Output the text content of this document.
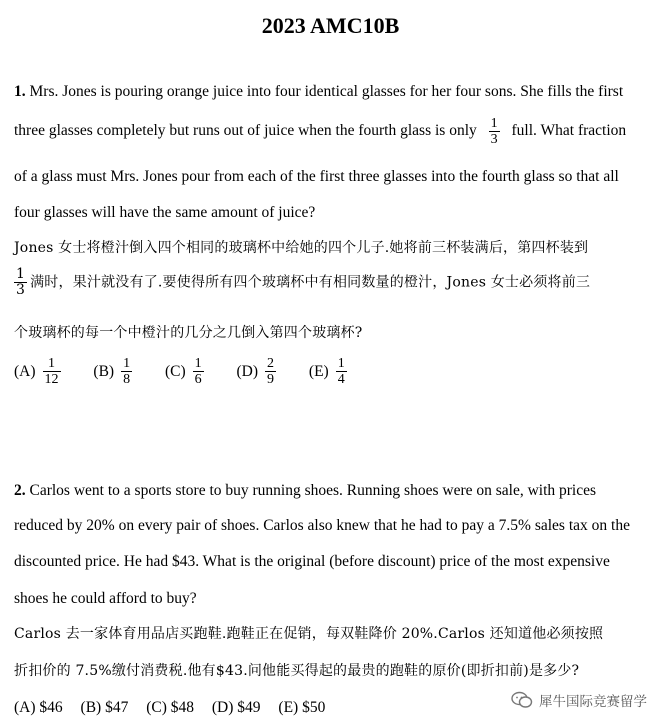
2023 AMC10B
1. Mrs. Jones is pouring orange juice into four identical glasses for her four sons. She fills the first
three glasses completely but runs out of juice when the fourth glass is only $\frac{1}{3}$ full. What fraction
of a glass must Mrs. Jones pour from each of the first three glasses into the fourth glass so that all
four glasses will have the same amount of juice?
Jones 女士将橙汁倒入四个相同的玻璃杯中给她的四个儿子.她将前三杯装满后，第四杯装到
$\frac{1}{3}$ 满时，果汁就没有了.要使得所有四个玻璃杯中有相同数量的橙汁，Jones 女士必须将前三
个玻璃杯的每一个中橙汁的几分之几倒入第四个玻璃杯?
$(A) \frac{1}{12}$
$(B) \frac{1}{8}$
$(C) \frac{1}{6}$
$(D) \frac{2}{9}$
$(E) \frac{1}{4}$
2. Carlos went to a sports store to buy running shoes. Running shoes were on sale, with prices
reduced by 20% on every pair of shoes. Carlos also knew that he had to pay a 7.5% sales tax on the
discounted price. He had $43. What is the original (before discount) price of the most expensive
shoes he could afford to buy?
Carlos 去一家体育用品店买跑鞋.跑鞋正在促销，每双鞋降价 20%.Carlos 还知道他必须按照
折扣价的 7.5%缴付消费税.他有$43.问他能买得起的最贵的跑鞋的原价(即折扣前)是多少?
(A) $46 (B) $47 (C) $48 (D) $49 (E) $50	犀牛国际竞赛留学
